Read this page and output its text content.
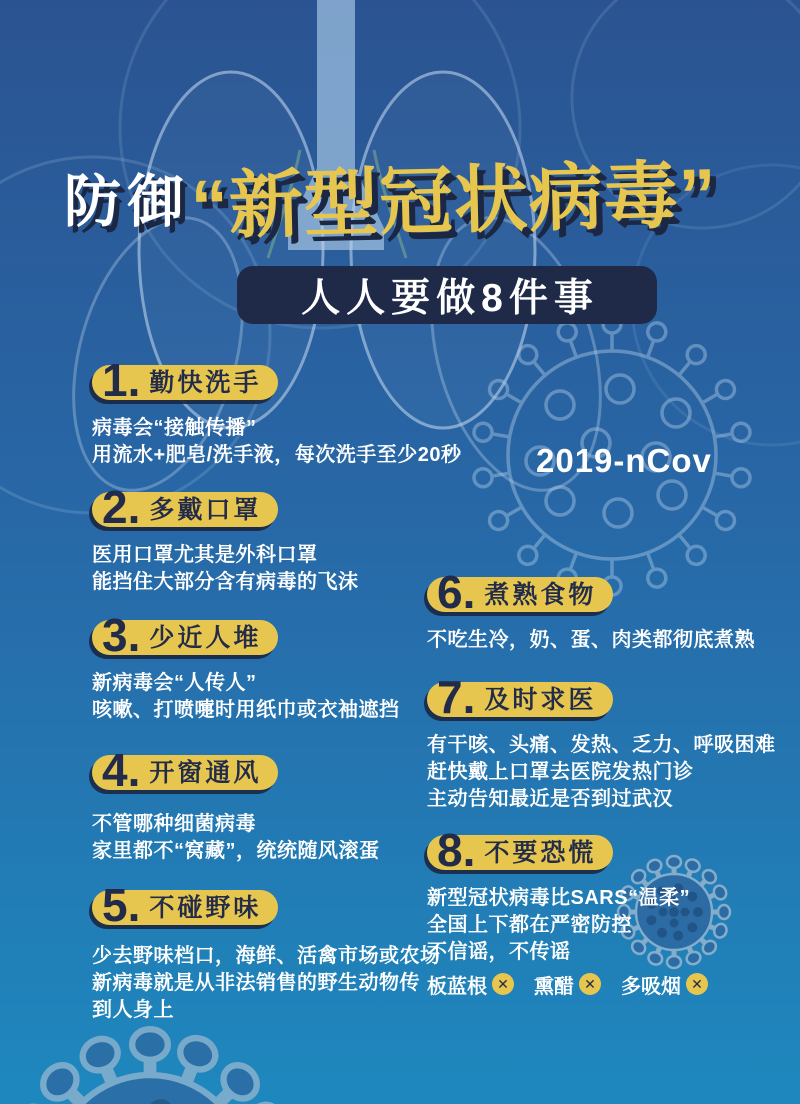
防御 “新型冠状病毒”
人人要做8件事
2019-nCov
1. 勤快洗手
病毒会“接触传播”
用流水+肥皂/洗手液，每次洗手至少20秒
2. 多戴口罩
医用口罩尤其是外科口罩
能挡住大部分含有病毒的飞沫
3. 少近人堆
新病毒会“人传人”
咳嗽、打喷嚏时用纸巾或衣袖遮挡
4. 开窗通风
不管哪种细菌病毒
家里都不“窝藏”，统统随风滚蛋
5. 不碰野味
少去野味档口，海鲜、活禽市场或农场
新病毒就是从非法销售的野生动物传
到人身上
6. 煮熟食物
不吃生冷，奶、蛋、肉类都彻底煮熟
7. 及时求医
有干咳、头痛、发热、乏力、呼吸困难
赶快戴上口罩去医院发热门诊
主动告知最近是否到过武汉
8. 不要恐慌
新型冠状病毒比SARS“温柔”
全国上下都在严密防控
不信谣，不传谣
板蓝根 ✕ 熏醋 ✕ 多吸烟 ✕
